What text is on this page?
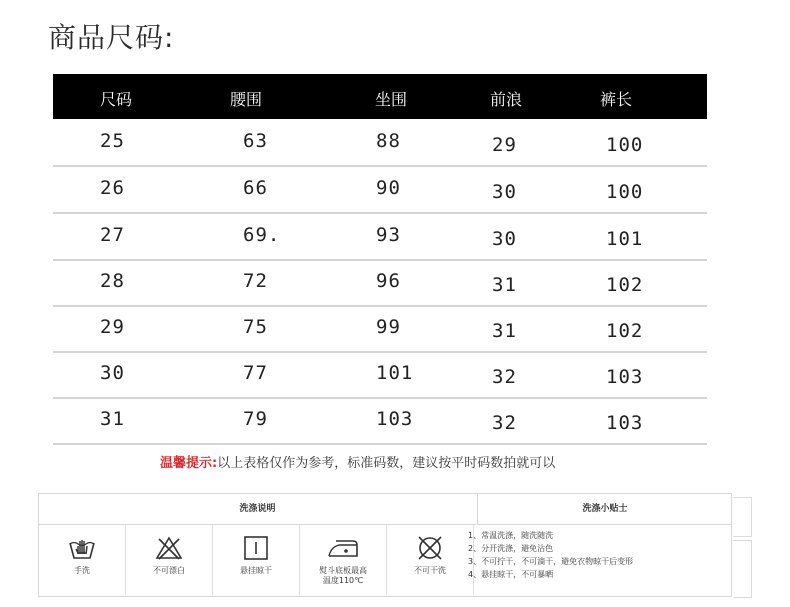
商品尺码:
尺码	腰围	坐围	前浪	裤长
25	63	88	29	100
26	66	90	30	100
27	69.	93	30	101
28	72	96	31	102
29	75	99	31	102
30	77	101	32	103
31	79	103	32	103
温馨提示:以上表格仅作为参考，标准码数，建议按平时码数拍就可以
洗涤说明	洗涤小贴士
手洗	不可漂白	悬挂晾干	熨斗底板最高
温度110℃
不可干洗
1、常温洗涤，随洗随洗
2、分开洗涤，避免沾色
3、不可拧干，不可滴干，避免衣物晾干后变形
4、悬挂晾干，不可暴晒
